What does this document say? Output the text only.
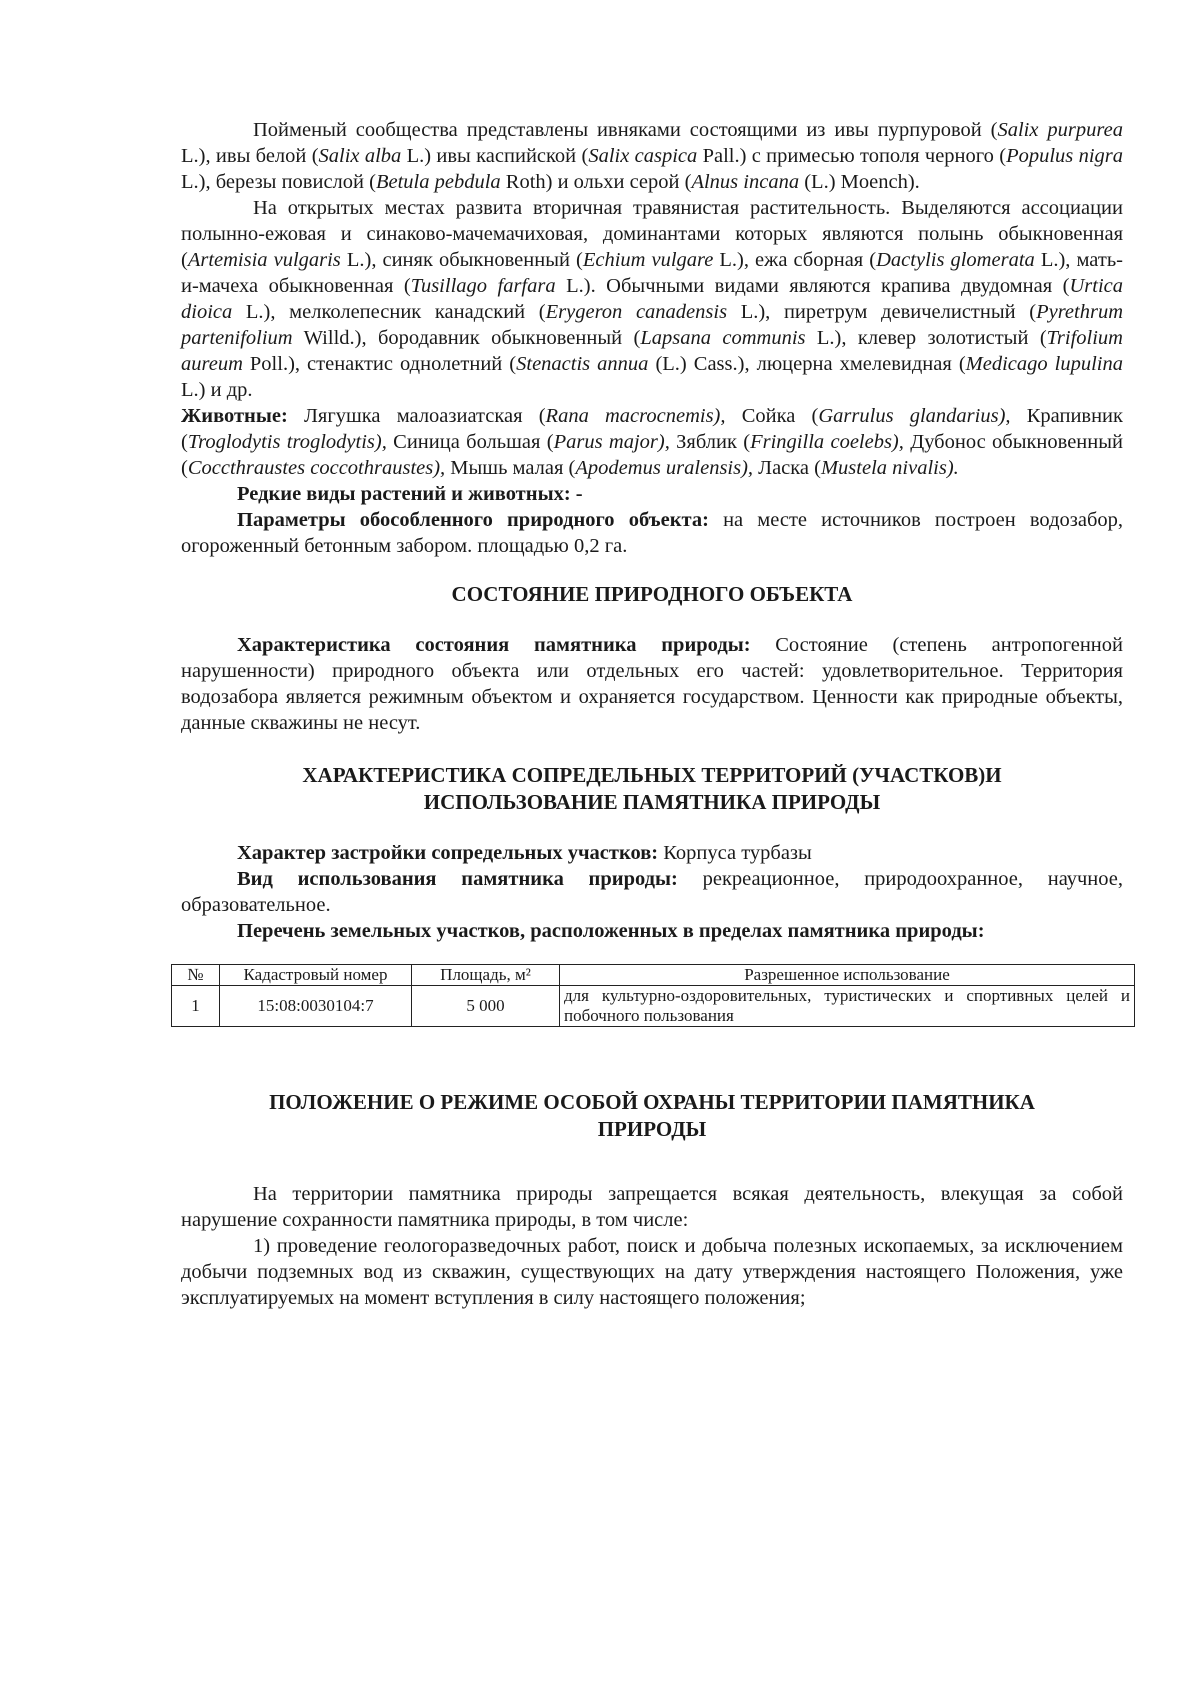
Пойменый сообщества представлены ивняками состоящими из ивы пурпуровой (Salix purpurea L.), ивы белой (Salix alba L.) ивы каспийской (Salix caspica Pall.) с примесью тополя черного (Populus nigra L.), березы повислой (Betula pebdula Roth) и ольхи серой (Alnus incana (L.) Moench).

На открытых местах развита вторичная травянистая растительность. Выделяются ассоциации полынно-ежовая и синаково-мачемачиховая, доминантами которых являются полынь обыкновенная (Artemisia vulgaris L.), синяк обыкновенный (Echium vulgare L.), ежа сборная (Dactylis glomerata L.), мать-и-мачеха обыкновенная (Tusillago farfara L.). Обычными видами являются крапива двудомная (Urtica dioica L.), мелколепесник канадский (Erygeron canadensis L.), пиретрум девичелистный (Pyrethrum partenifolium Willd.), бородавник обыкновенный (Lapsana communis L.), клевер золотистый (Trifolium aureum Poll.), стенактис однолетний (Stenactis annua (L.) Cass.), люцерна хмелевидная (Medicago lupulina L.) и др.

Животные: Лягушка малоазиатская (Rana macrocnemis), Сойка (Garrulus glandarius), Крапивник (Troglodytis troglodytis), Синица большая (Parus major), Зяблик (Fringilla coelebs), Дубонос обыкновенный (Coccthraustes coccothraustes), Мышь малая (Apodemus uralensis), Ласка (Mustela nivalis).

Редкие виды растений и животных: -

Параметры обособленного природного объекта: на месте источников построен водозабор, огороженный бетонным забором. площадью 0,2 га.

СОСТОЯНИЕ ПРИРОДНОГО ОБЪЕКТА

Характеристика состояния памятника природы: Состояние (степень антропогенной нарушенности) природного объекта или отдельных его частей: удовлетворительное. Территория водозабора является режимным объектом и охраняется государством. Ценности как природные объекты, данные скважины не несут.

ХАРАКТЕРИСТИКА СОПРЕДЕЛЬНЫХ ТЕРРИТОРИЙ (УЧАСТКОВ)И
ИСПОЛЬЗОВАНИЕ ПАМЯТНИКА ПРИРОДЫ

Характер застройки сопредельных участков: Корпуса турбазы

Вид использования памятника природы: рекреационное, природоохранное, научное, образовательное.

Перечень земельных участков, расположенных в пределах памятника природы:

№	Кадастровый номер	Площадь, м²	Разрешенное использование
1	15:08:0030104:7	5 000	для культурно-оздоровительных, туристических и спортивных целей и побочного пользования
ПОЛОЖЕНИЕ О РЕЖИМЕ ОСОБОЙ ОХРАНЫ ТЕРРИТОРИИ ПАМЯТНИКА
ПРИРОДЫ

На территории памятника природы запрещается всякая деятельность, влекущая за собой нарушение сохранности памятника природы, в том числе:

1) проведение геологоразведочных работ, поиск и добыча полезных ископаемых, за исключением добычи подземных вод из скважин, существующих на дату утверждения настоящего Положения, уже эксплуатируемых на момент вступления в силу настоящего положения;
